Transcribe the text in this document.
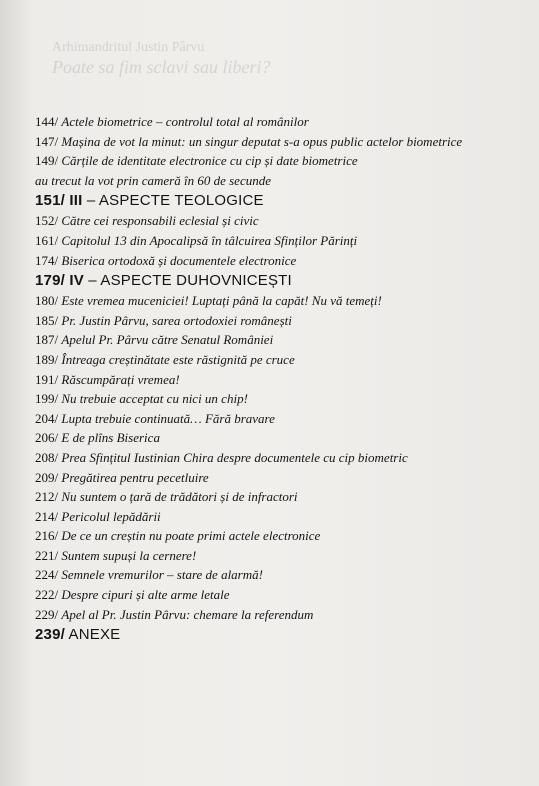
Arhimandritul Justin Pârvu
Poate sa fim sclavi sau liberi?
144/ Actele biometrice – controlul total al românilor
147/ Mașina de vot la minut: un singur deputat s-a opus public actelor biometrice
149/ Cărțile de identitate electronice cu cip și date biometrice
au trecut la vot prin cameră în 60 de secunde
151/ III – ASPECTE TEOLOGICE
152/ Către cei responsabili eclesial și civic
161/ Capitolul 13 din Apocalipsă în tâlcuirea Sfinților Părinți
174/ Biserica ortodoxă și documentele electronice
179/ IV – ASPECTE DUHOVNICEȘTI
180/ Este vremea muceniciei! Luptați până la capăt! Nu vă temeți!
185/ Pr. Justin Pârvu, sarea ortodoxiei românești
187/ Apelul Pr. Pârvu către Senatul României
189/ Întreaga creștinătate este răstignită pe cruce
191/ Răscumpărați vremea!
199/ Nu trebuie acceptat cu nici un chip!
204/ Lupta trebuie continuată… Fără bravare
206/ E de plîns Biserica
208/ Prea Sfințitul Iustinian Chira despre documentele cu cip biometric
209/ Pregătirea pentru pecetluire
212/ Nu suntem o țară de trădători și de infractori
214/ Pericolul lepădării
216/ De ce un creștin nu poate primi actele electronice
221/ Suntem supuși la cernere!
224/ Semnele vremurilor – stare de alarmă!
222/ Despre cipuri și alte arme letale
229/ Apel al Pr. Justin Pârvu: chemare la referendum
239/ ANEXE
